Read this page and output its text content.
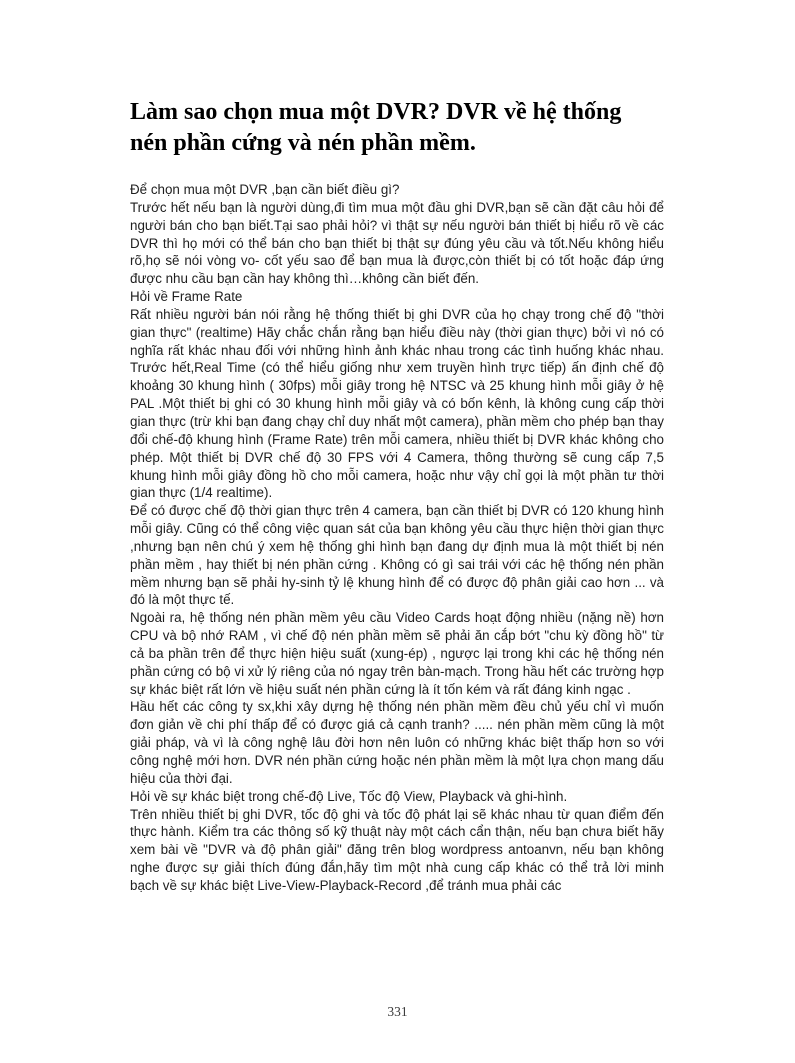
Làm sao chọn mua một DVR? DVR về hệ thống nén phần cứng và nén phần mềm.

Để chọn mua một DVR ,bạn cần biết điều gì?

Trước hết nếu bạn là người dùng,đi tìm mua một đầu ghi DVR,bạn sẽ cần đặt câu hỏi để người bán cho bạn biết.Tại sao phải hỏi? vì thật sự nếu người bán thiết bị hiểu rõ về các DVR thì họ mới có thể bán cho bạn thiết bị thật sự đúng yêu cầu và tốt.Nếu không hiểu rõ,họ sẽ nói vòng vo- cốt yếu sao để bạn mua là được,còn thiết bị có tốt hoặc đáp ứng được nhu cầu bạn cần hay không thì…không cần biết đến.

Hỏi về Frame Rate

Rất nhiều người bán nói rằng hệ thống thiết bị ghi DVR của họ chạy trong chế độ "thời gian thực" (realtime) Hãy chắc chắn rằng bạn hiểu điều này (thời gian thực) bởi vì nó có nghĩa rất khác nhau đối với những hình ảnh khác nhau trong các tình huống khác nhau. Trước hết,Real Time (có thể hiểu giống như xem truyền hình trực tiếp) ấn định chế độ khoảng 30 khung hình ( 30fps) mỗi giây trong hệ NTSC và 25 khung hình mỗi giây ở hệ PAL .Một thiết bị ghi có 30 khung hình mỗi giây và có bốn kênh, là không cung cấp thời gian thực (trừ khi bạn đang chạy chỉ duy nhất một camera), phần mềm cho phép bạn thay đổi chế-độ khung hình (Frame Rate) trên mỗi camera, nhiều thiết bị DVR khác không cho phép. Một thiết bị DVR chế độ 30 FPS với 4 Camera, thông thường sẽ cung cấp 7,5 khung hình mỗi giây đồng hồ cho mỗi camera, hoặc như vậy chỉ gọi là một phần tư thời gian thực (1/4 realtime).

Để có được chế độ thời gian thực trên 4 camera, bạn cần thiết bị DVR có 120 khung hình mỗi giây. Cũng có thể công việc quan sát của bạn không yêu cầu thực hiện thời gian thực ,nhưng bạn nên chú ý xem hệ thống ghi hình bạn đang dự định mua là một thiết bị nén phần mềm , hay thiết bị nén phần cứng . Không có gì sai trái với các hệ thống nén phần mềm nhưng bạn sẽ phải hy-sinh tỷ lệ khung hình để có được độ phân giải cao hơn ... và đó là một thực tế.

Ngoài ra, hệ thống nén phần mềm yêu cầu Video Cards hoạt động nhiều (nặng nề) hơn CPU và bộ nhớ RAM , vì chế độ nén phần mềm sẽ phải ăn cắp bớt "chu kỳ đồng hồ" từ cả ba phần trên để thực hiện hiệu suất (xung-ép) , ngược lại trong khi các hệ thống nén phần cứng có bộ vi xử lý riêng của nó ngay trên bàn-mạch. Trong hầu hết các trường hợp sự khác biệt rất lớn về hiệu suất nén phần cứng là ít tốn kém và rất đáng kinh ngạc .

Hầu hết các công ty sx,khi xây dựng hệ thống nén phần mềm đều chủ yếu chỉ vì muốn đơn giản về chi phí thấp để có được giá cả cạnh tranh? ..... nén phần mềm cũng là một giải pháp, và vì là công nghệ lâu đời hơn nên luôn có những khác biệt thấp hơn so với công nghệ mới hơn. DVR nén phần cứng hoặc nén phần mềm là một lựa chọn mang dấu hiệu của thời đại.

Hỏi về sự khác biệt trong chế-độ Live, Tốc độ View, Playback và ghi-hình.

Trên nhiều thiết bị ghi DVR, tốc độ ghi và tốc độ phát lại sẽ khác nhau từ quan điểm đến thực hành. Kiểm tra các thông số kỹ thuật này một cách cẩn thận, nếu bạn chưa biết hãy xem bài về "DVR và độ phân giải" đăng trên blog wordpress antoanvn, nếu bạn không nghe được sự giải thích đúng đắn,hãy tìm một nhà cung cấp khác có thể trả lời minh bạch về sự khác biệt Live-View-Playback-Record ,để tránh mua phải các

331
